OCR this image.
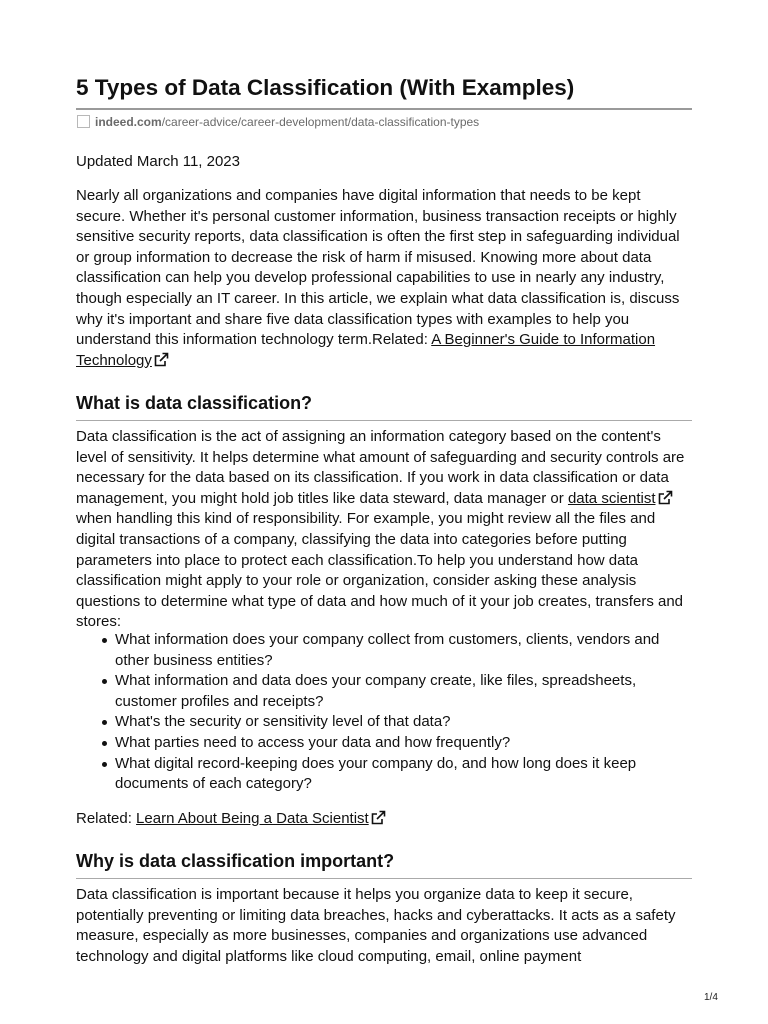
5 Types of Data Classification (With Examples)
indeed.com/career-advice/career-development/data-classification-types

Updated March 11, 2023

Nearly all organizations and companies have digital information that needs to be kept secure. Whether it's personal customer information, business transaction receipts or highly sensitive security reports, data classification is often the first step in safeguarding individual or group information to decrease the risk of harm if misused. Knowing more about data classification can help you develop professional capabilities to use in nearly any industry, though especially an IT career. In this article, we explain what data classification is, discuss why it's important and share five data classification types with examples to help you understand this information technology term.Related: A Beginner's Guide to Information Technology

What is data classification?

Data classification is the act of assigning an information category based on the content's level of sensitivity. It helps determine what amount of safeguarding and security controls are necessary for the data based on its classification. If you work in data classification or data management, you might hold job titles like data steward, data manager or data scientist when handling this kind of responsibility. For example, you might review all the files and digital transactions of a company, classifying the data into categories before putting parameters into place to protect each classification.To help you understand how data classification might apply to your role or organization, consider asking these analysis questions to determine what type of data and how much of it your job creates, transfers and stores:

What information does your company collect from customers, clients, vendors and other business entities?
What information and data does your company create, like files, spreadsheets, customer profiles and receipts?
What's the security or sensitivity level of that data?
What parties need to access your data and how frequently?
What digital record-keeping does your company do, and how long does it keep documents of each category?

Related: Learn About Being a Data Scientist

Why is data classification important?

Data classification is important because it helps you organize data to keep it secure, potentially preventing or limiting data breaches, hacks and cyberattacks. It acts as a safety measure, especially as more businesses, companies and organizations use advanced technology and digital platforms like cloud computing, email, online payment

1/4
